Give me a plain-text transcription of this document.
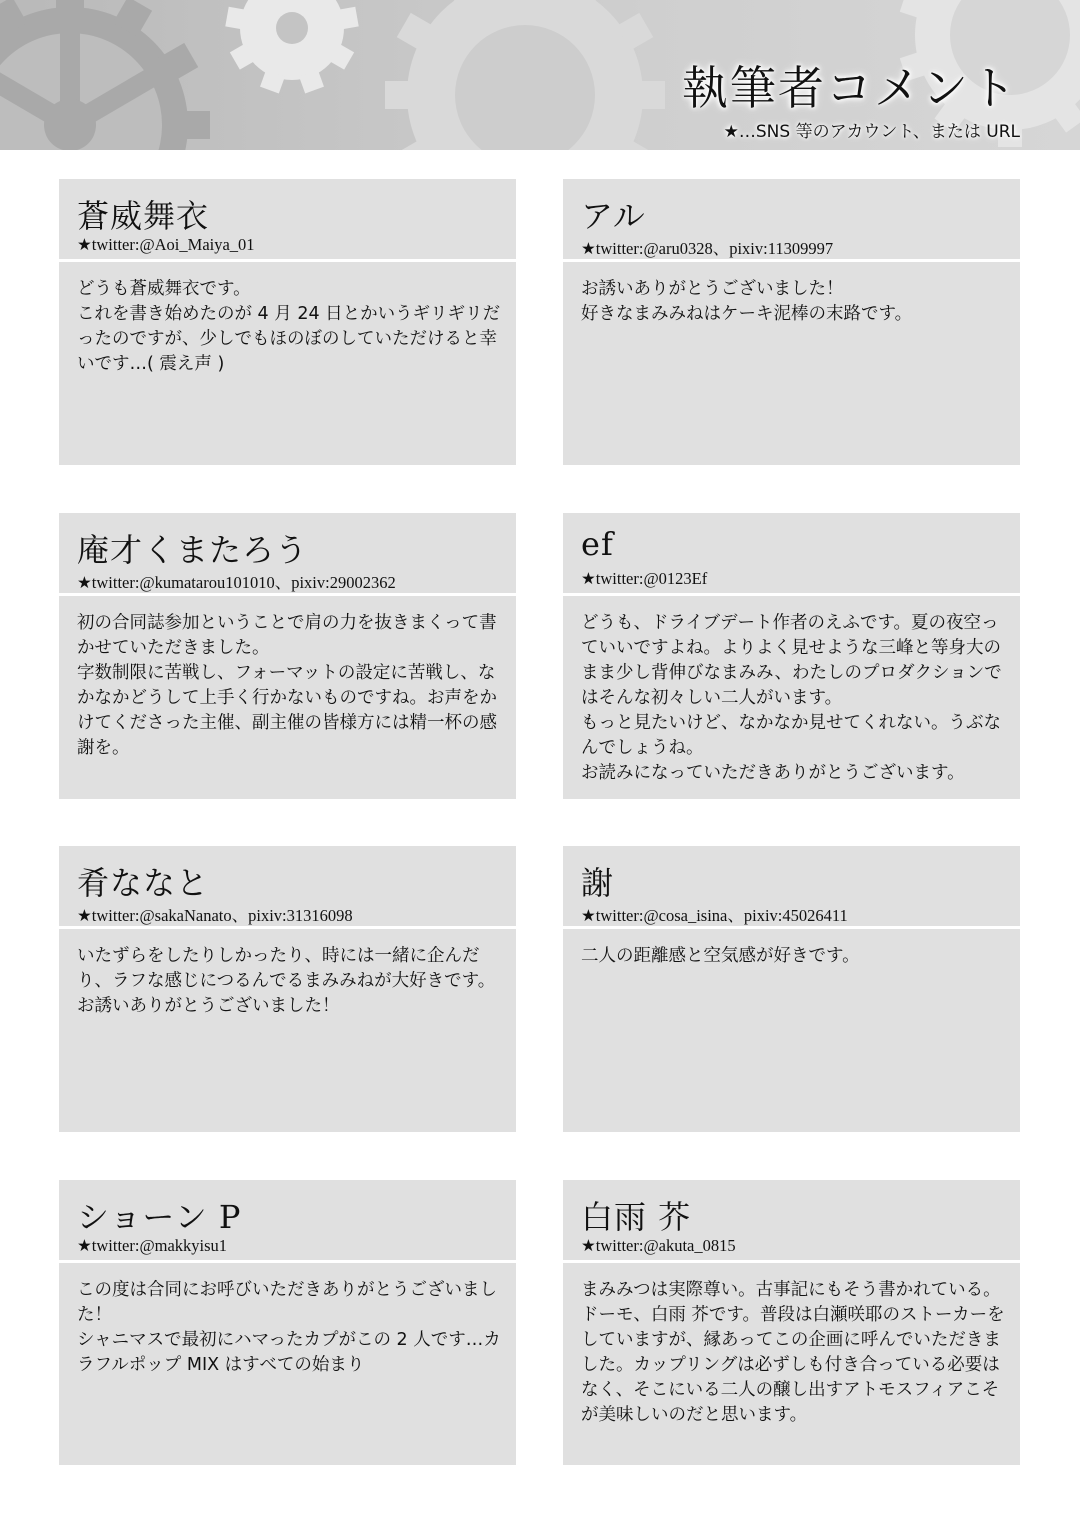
執筆者コメント
★…SNS 等のアカウント、または URL
蒼威舞衣
★twitter:@Aoi_Maiya_01
どうも蒼威舞衣です。
これを書き始めたのが 4 月 24 日とかいうギリギリだったのですが、少しでもほのぼのしていただけると幸いです…( 震え声 )
アル
★twitter:@aru0328、pixiv:11309997
お誘いありがとうございました！
好きなまみみねはケーキ泥棒の末路です。
庵才くまたろう
★twitter:@kumatarou101010、pixiv:29002362
初の合同誌参加ということで肩の力を抜きまくって書かせていただきました。
字数制限に苦戦し、フォーマットの設定に苦戦し、なかなかどうして上手く行かないものですね。お声をかけてくださった主催、副主催の皆様方には精一杯の感謝を。
ef
★twitter:@0123Ef
どうも、ドライブデート作者のえふです。夏の夜空っていいですよね。よりよく見せような三峰と等身大のまま少し背伸びなまみみ、わたしのプロダクションではそんな初々しい二人がいます。
もっと見たいけど、なかなか見せてくれない。うぶなんでしょうね。
お読みになっていただきありがとうございます。
肴ななと
★twitter:@sakaNanato、pixiv:31316098
いたずらをしたりしかったり、時には一緒に企んだり、ラフな感じにつるんでるまみみねが大好きです。
お誘いありがとうございました！
謝
★twitter:@cosa_isina、pixiv:45026411
二人の距離感と空気感が好きです。
ショーン P
★twitter:@makkyisu1
この度は合同にお呼びいただきありがとうございました！
シャニマスで最初にハマったカプがこの 2 人です…カラフルポップ MIX はすべての始まり
白雨 芥
★twitter:@akuta_0815
まみみつは実際尊い。古事記にもそう書かれている。ドーモ、白雨 芥です。普段は白瀬咲耶のストーカーをしていますが、縁あってこの企画に呼んでいただきました。カップリングは必ずしも付き合っている必要はなく、そこにいる二人の醸し出すアトモスフィアこそが美味しいのだと思います。
